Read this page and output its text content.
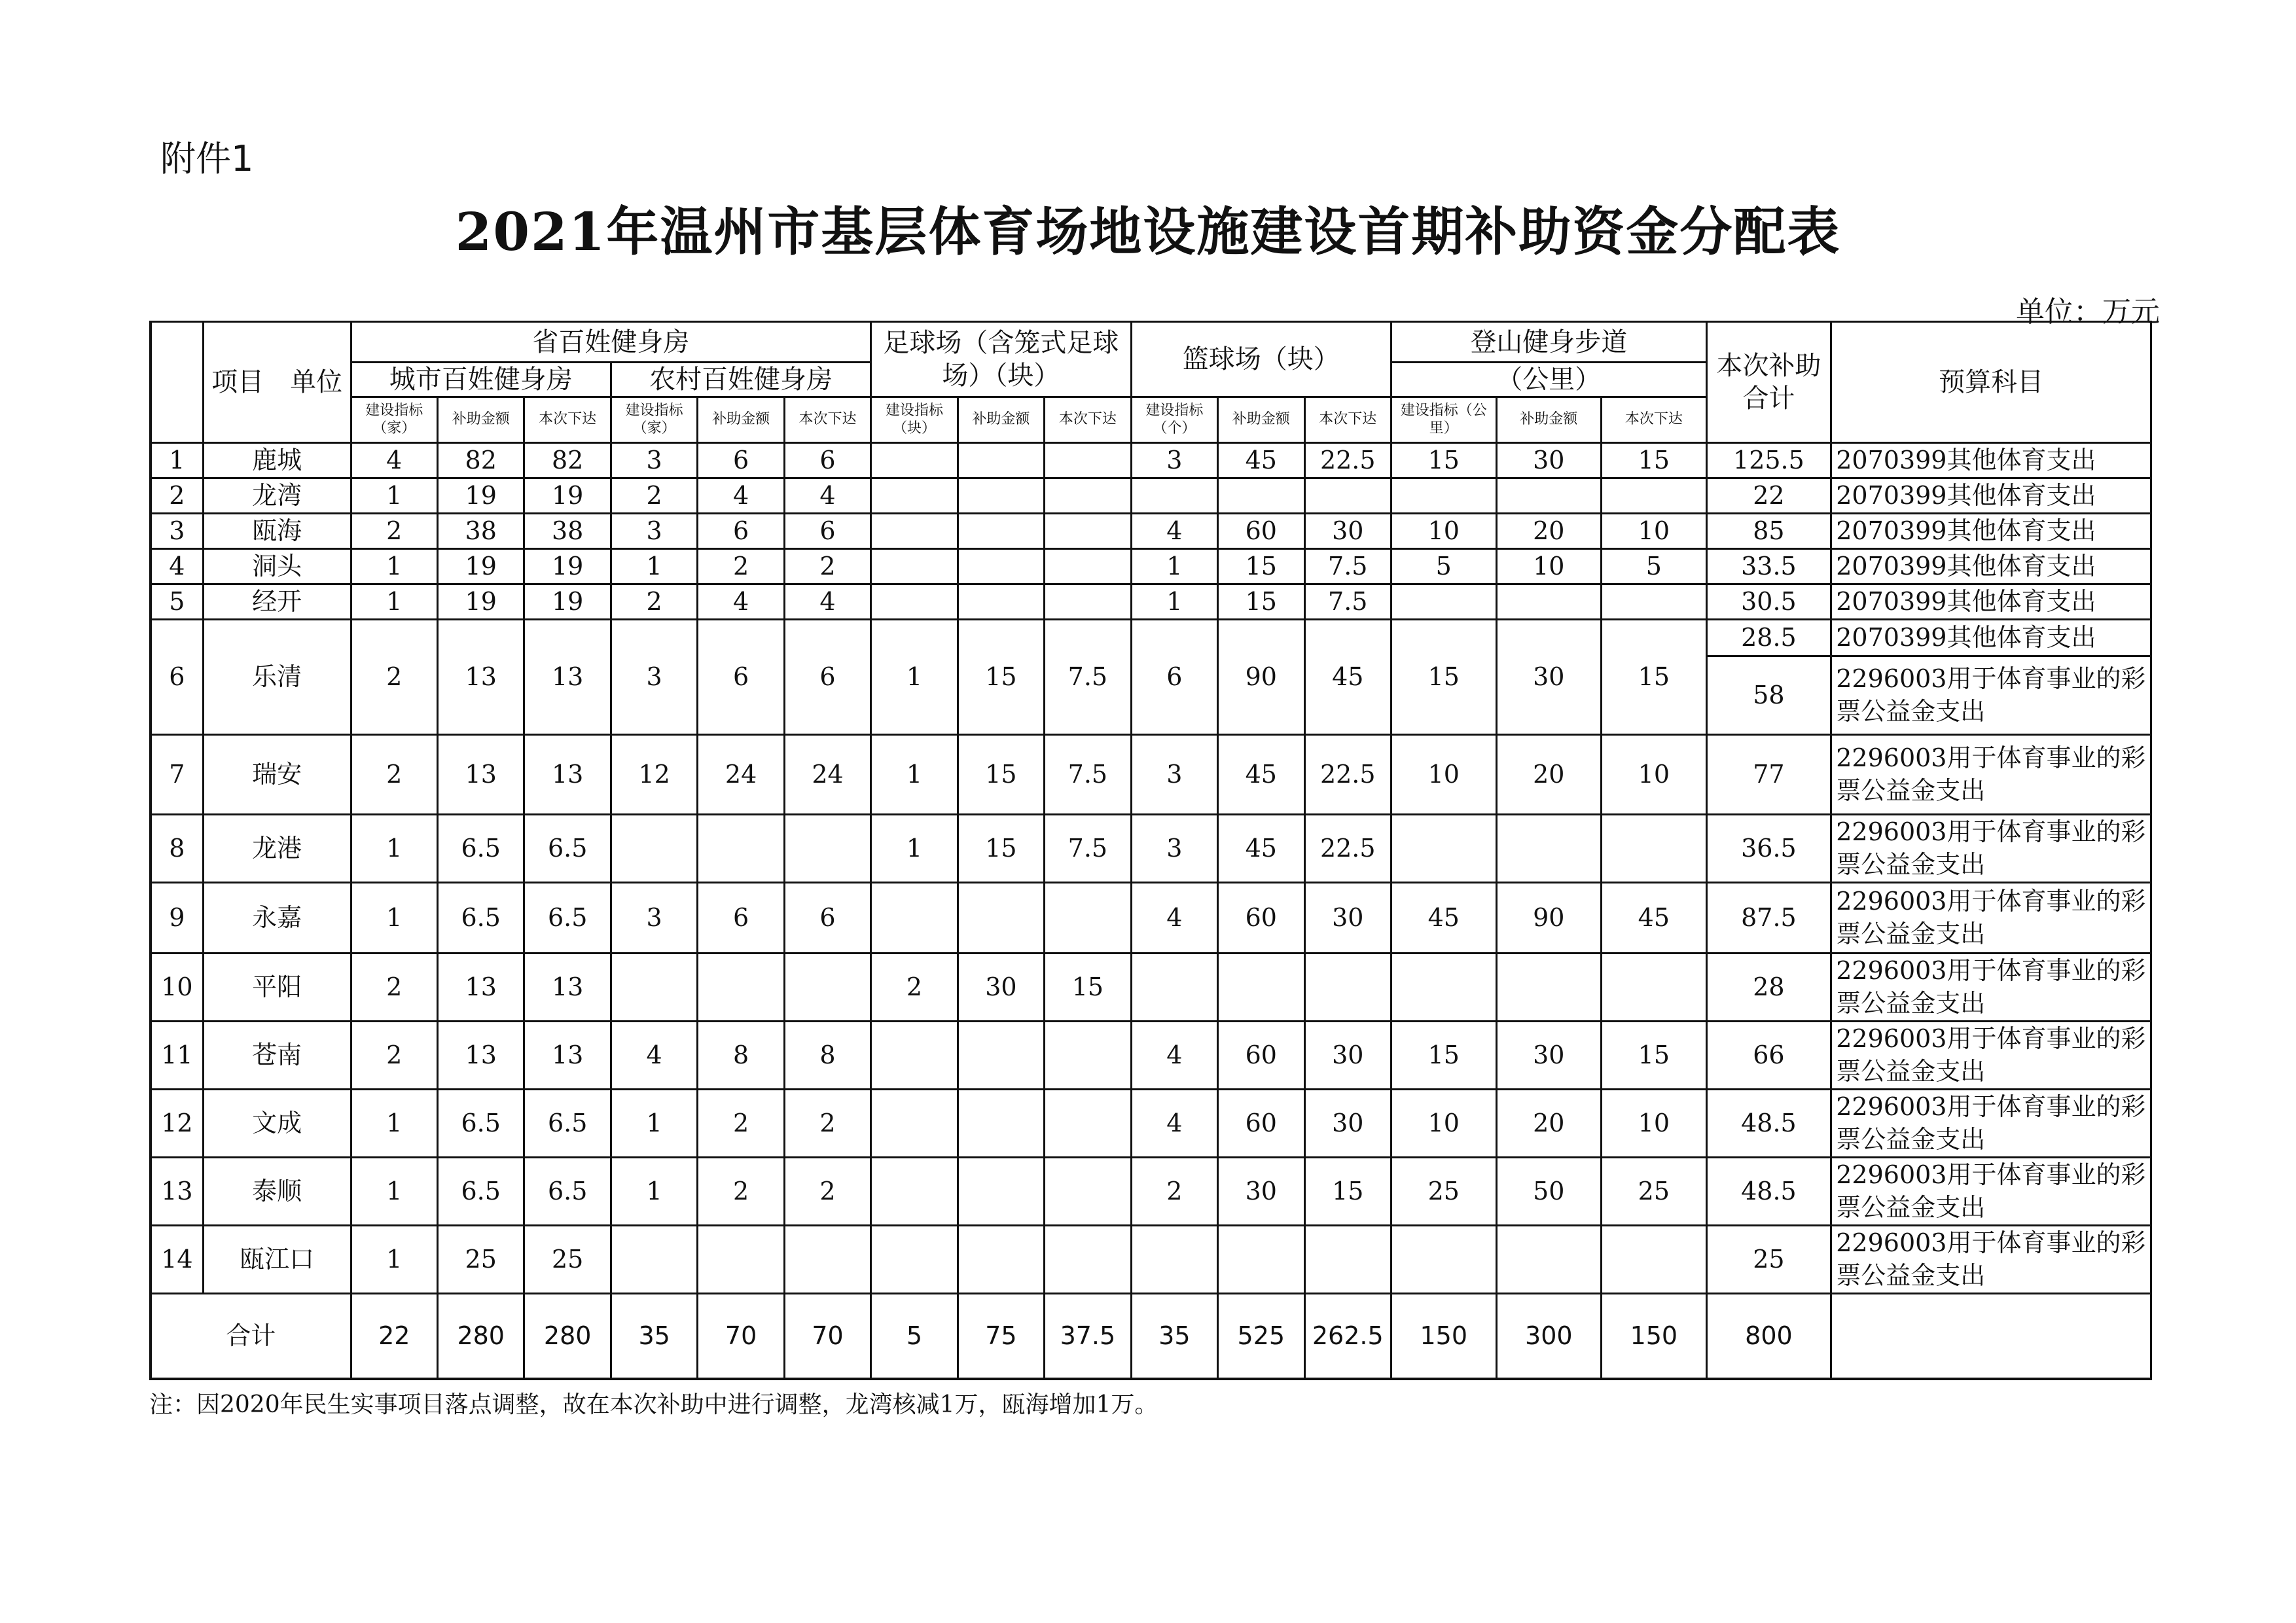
附件1
2021年温州市基层体育场地设施建设首期补助资金分配表
单位：万元
	项目　单位	省百姓健身房						足球场（含笼式足球场）（块）			篮球场（块）			登山健身步道			本次补助合计	预算科目
		城市百姓健身房			农村百姓健身房									（公里）				
		建设指标（家）	补助金额	本次下达	建设指标（家）	补助金额	本次下达	建设指标（块）	补助金额	本次下达	建设指标（个）	补助金额	本次下达	建设指标（公里）	补助金额	本次下达		
1	鹿城	4	82	82	3	6	6				3	45	22.5	15	30	15	125.5	2070399其他体育支出
2	龙湾	1	19	19	2	4	4										22	2070399其他体育支出
3	瓯海	2	38	38	3	6	6				4	60	30	10	20	10	85	2070399其他体育支出
4	洞头	1	19	19	1	2	2				1	15	7.5	5	10	5	33.5	2070399其他体育支出
5	经开	1	19	19	2	4	4				1	15	7.5				30.5	2070399其他体育支出
6	乐清	2	13	13	3	6	6	1	15	7.5	6	90	45	15	30	15	28.5	2070399其他体育支出
																	58	2296003用于体育事业的彩票公益金支出
7	瑞安	2	13	13	12	24	24	1	15	7.5	3	45	22.5	10	20	10	77	2296003用于体育事业的彩票公益金支出
8	龙港	1	6.5	6.5				1	15	7.5	3	45	22.5				36.5	2296003用于体育事业的彩票公益金支出
9	永嘉	1	6.5	6.5	3	6	6				4	60	30	45	90	45	87.5	2296003用于体育事业的彩票公益金支出
10	平阳	2	13	13				2	30	15							28	2296003用于体育事业的彩票公益金支出
11	苍南	2	13	13	4	8	8				4	60	30	15	30	15	66	2296003用于体育事业的彩票公益金支出
12	文成	1	6.5	6.5	1	2	2				4	60	30	10	20	10	48.5	2296003用于体育事业的彩票公益金支出
13	泰顺	1	6.5	6.5	1	2	2				2	30	15	25	50	25	48.5	2296003用于体育事业的彩票公益金支出
14	瓯江口	1	25	25													25	2296003用于体育事业的彩票公益金支出
合计		22	280	280	35	70	70	5	75	37.5	35	525	262.5	150	300	150	800	
注：因2020年民生实事项目落点调整，故在本次补助中进行调整，龙湾核减1万，瓯海增加1万。
